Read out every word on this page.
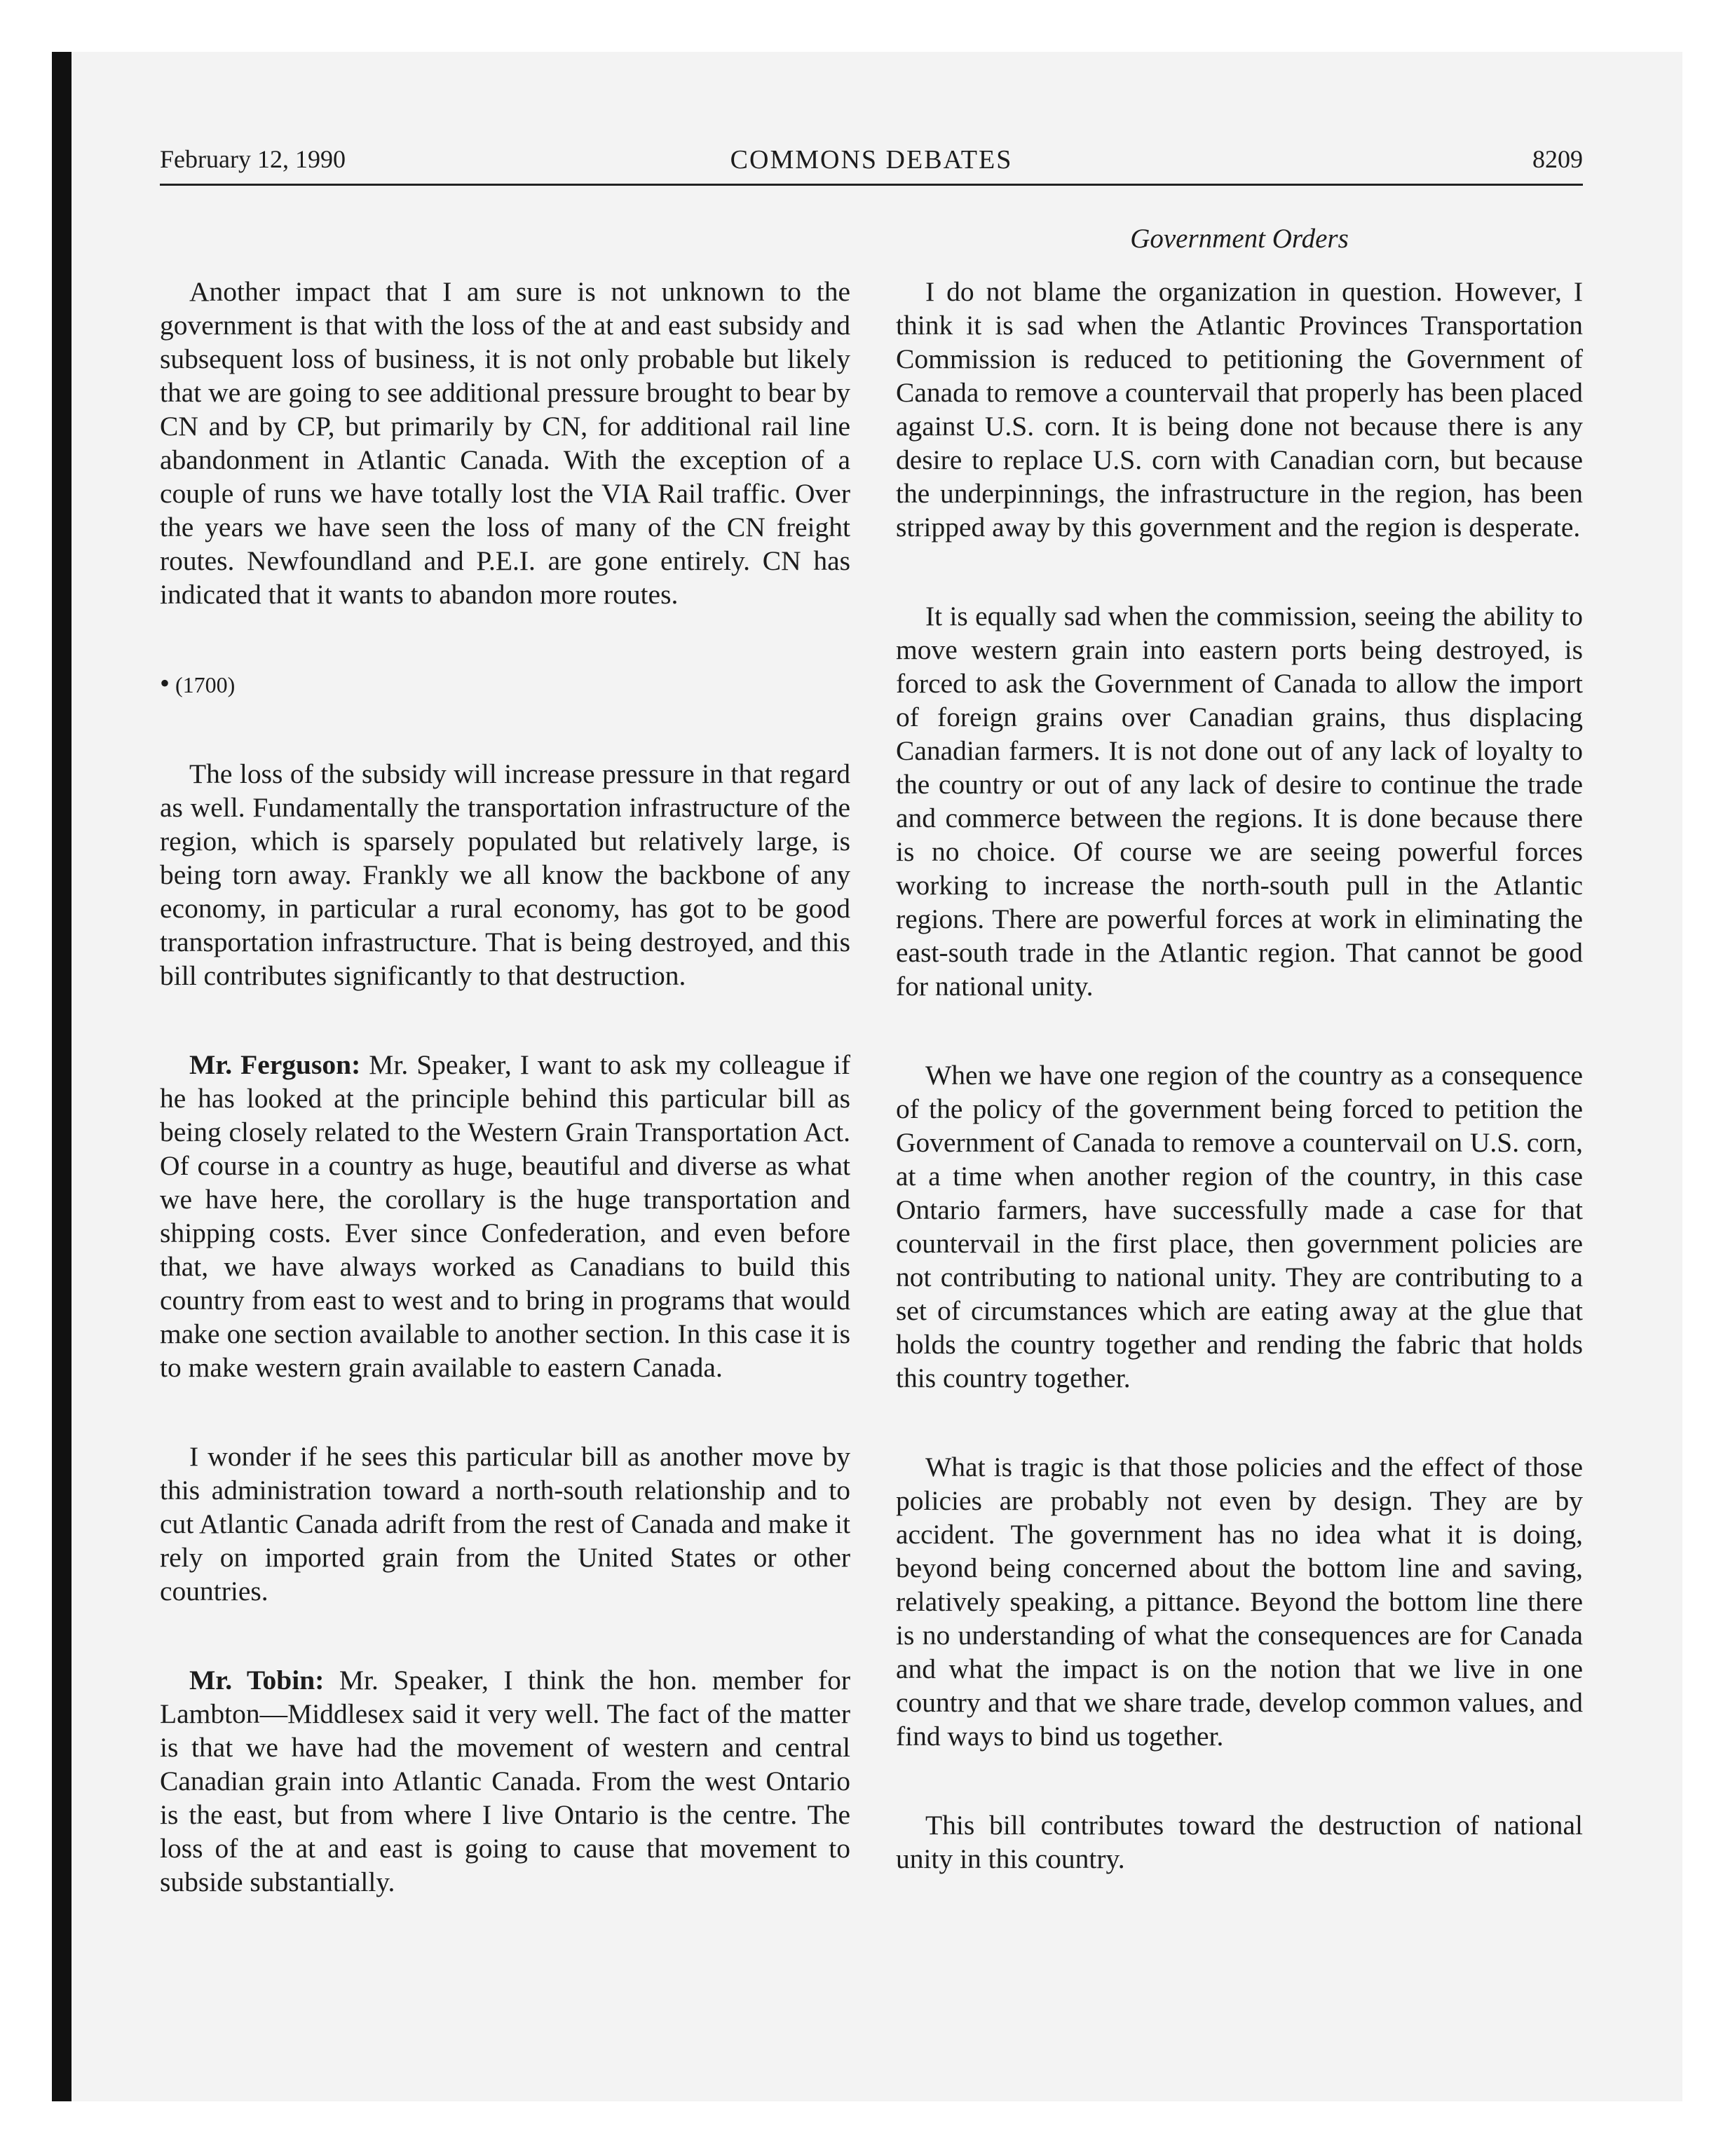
February 12, 1990	COMMONS DEBATES	8209
Government Orders

Another impact that I am sure is not unknown to the government is that with the loss of the at and east subsidy and subsequent loss of business, it is not only probable but likely that we are going to see additional pressure brought to bear by CN and by CP, but primarily by CN, for additional rail line abandonment in Atlantic Canada. With the exception of a couple of runs we have totally lost the VIA Rail traffic. Over the years we have seen the loss of many of the CN freight routes. Newfoundland and P.E.I. are gone entirely. CN has indicated that it wants to abandon more routes.

• (1700)

The loss of the subsidy will increase pressure in that regard as well. Fundamentally the transportation infrastructure of the region, which is sparsely populated but relatively large, is being torn away. Frankly we all know the backbone of any economy, in particular a rural economy, has got to be good transportation infrastructure. That is being destroyed, and this bill contributes significantly to that destruction.

Mr. Ferguson: Mr. Speaker, I want to ask my colleague if he has looked at the principle behind this particular bill as being closely related to the Western Grain Transportation Act. Of course in a country as huge, beautiful and diverse as what we have here, the corollary is the huge transportation and shipping costs. Ever since Confederation, and even before that, we have always worked as Canadians to build this country from east to west and to bring in programs that would make one section available to another section. In this case it is to make western grain available to eastern Canada.

I wonder if he sees this particular bill as another move by this administration toward a north-south relationship and to cut Atlantic Canada adrift from the rest of Canada and make it rely on imported grain from the United States or other countries.

Mr. Tobin: Mr. Speaker, I think the hon. member for Lambton—Middlesex said it very well. The fact of the matter is that we have had the movement of western and central Canadian grain into Atlantic Canada. From the west Ontario is the east, but from where I live Ontario is the centre. The loss of the at and east is going to cause that movement to subside substantially.

I do not blame the organization in question. However, I think it is sad when the Atlantic Provinces Transportation Commission is reduced to petitioning the Government of Canada to remove a countervail that properly has been placed against U.S. corn. It is being done not because there is any desire to replace U.S. corn with Canadian corn, but because the underpinnings, the infrastructure in the region, has been stripped away by this government and the region is desperate.

It is equally sad when the commission, seeing the ability to move western grain into eastern ports being destroyed, is forced to ask the Government of Canada to allow the import of foreign grains over Canadian grains, thus displacing Canadian farmers. It is not done out of any lack of loyalty to the country or out of any lack of desire to continue the trade and commerce between the regions. It is done because there is no choice. Of course we are seeing powerful forces working to increase the north-south pull in the Atlantic regions. There are powerful forces at work in eliminating the east-south trade in the Atlantic region. That cannot be good for national unity.

When we have one region of the country as a consequence of the policy of the government being forced to petition the Government of Canada to remove a countervail on U.S. corn, at a time when another region of the country, in this case Ontario farmers, have successfully made a case for that countervail in the first place, then government policies are not contributing to national unity. They are contributing to a set of circumstances which are eating away at the glue that holds the country together and rending the fabric that holds this country together.

What is tragic is that those policies and the effect of those policies are probably not even by design. They are by accident. The government has no idea what it is doing, beyond being concerned about the bottom line and saving, relatively speaking, a pittance. Beyond the bottom line there is no understanding of what the consequences are for Canada and what the impact is on the notion that we live in one country and that we share trade, develop common values, and find ways to bind us together.

This bill contributes toward the destruction of national unity in this country.
